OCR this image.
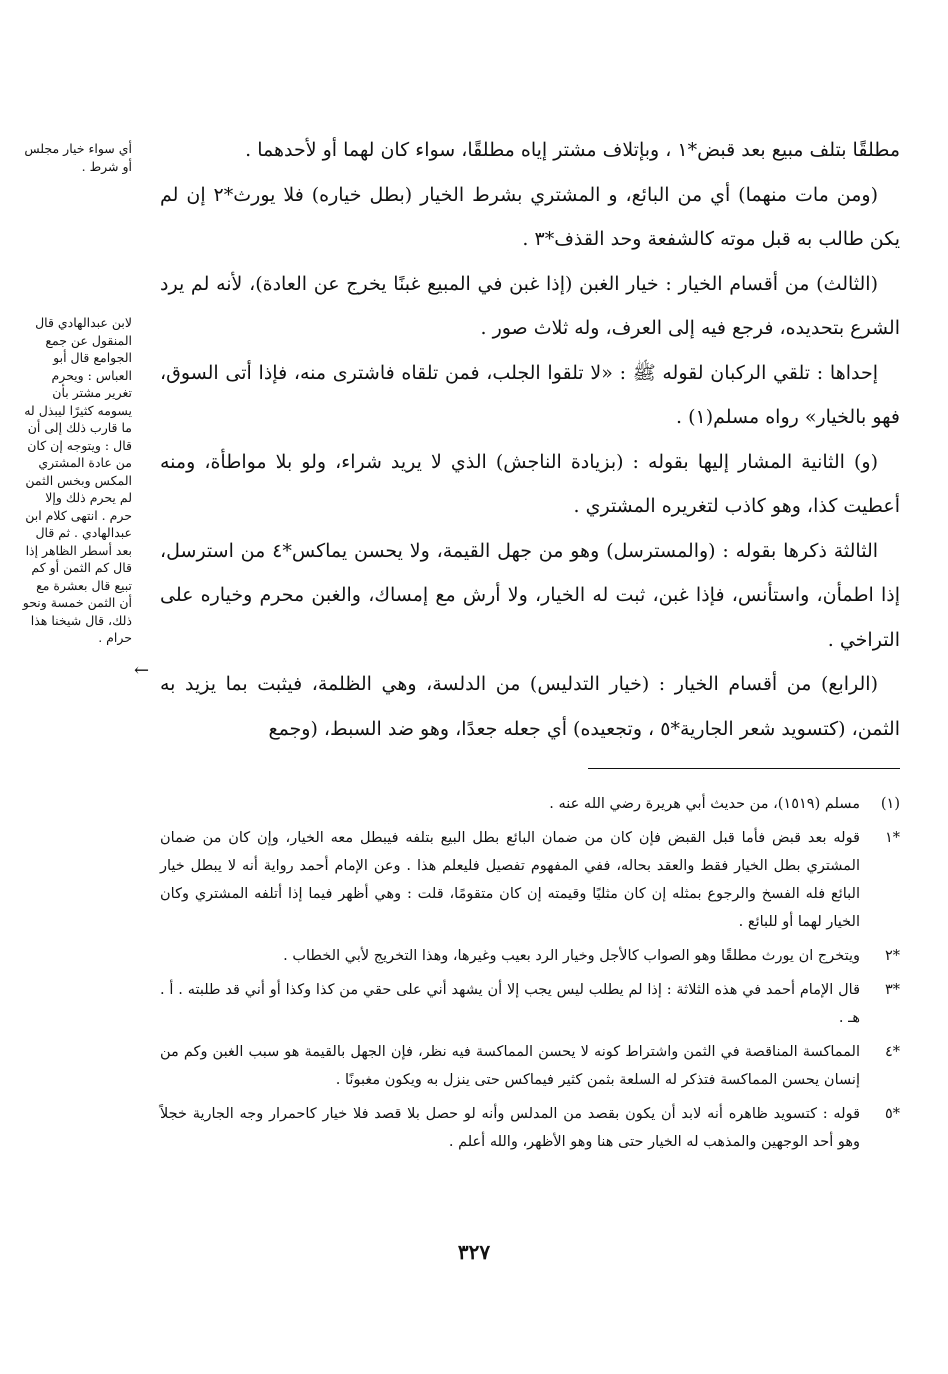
مطلقًا بتلف مبيع بعد قبض*١ ، وبإتلاف مشتر إياه مطلقًا، سواء كان لهما أو لأحدهما .

(ومن مات منهما) أي من البائع، و المشتري بشرط الخيار (بطل خياره) فلا يورث*٢ إن لم يكن طالب به قبل موته كالشفعة وحد القذف*٣ .

(الثالث) من أقسام الخيار : خيار الغبن (إذا غبن في المبيع غبنًا يخرج عن العادة)، لأنه لم يرد الشرع بتحديده، فرجع فيه إلى العرف، وله ثلاث صور .

إحداها : تلقي الركبان لقوله ﷺ : «لا تلقوا الجلب، فمن تلقاه فاشترى منه، فإذا أتى السوق، فهو بالخيار» رواه مسلم(١) .

(و) الثانية المشار إليها بقوله : (بزيادة الناجش) الذي لا يريد شراء، ولو بلا مواطأة، ومنه أعطيت كذا، وهو كاذب لتغريره المشتري .

الثالثة ذكرها بقوله : (والمسترسل) وهو من جهل القيمة، ولا يحسن يماكس*٤ من استرسل، إذا اطمأن، واستأنس، فإذا غبن، ثبت له الخيار، ولا أرش مع إمساك، والغبن محرم وخياره على التراخي .

(الرابع) من أقسام الخيار : (خيار التدليس) من الدلسة، وهي الظلمة، فيثبت بما يزيد به الثمن، (كتسويد شعر الجارية*٥ ، وتجعيده) أي جعله جعدًا، وهو ضد السبط، (وجمع

أي سواء خيار مجلس أو شرط .
لابن عبدالهادي قال المنقول عن جمع الجوامع قال أبو العباس : ويحرم تغرير مشتر بأن يسومه كثيرًا ليبذل له ما قارب ذلك إلى أن قال : ويتوجه إن كان من عادة المشتري المكس وبخس الثمن لم يحرم ذلك وإلا حرم . انتهى كلام ابن عبدالهادي . ثم قال بعد أسطر الظاهر إذا قال كم الثمن أو كم تبيع قال بعشرة مع أن الثمن خمسة ونحو ذلك، قال شيخنا هذا حرام .
←
(١)
مسلم (١٥١٩)، من حديث أبي هريرة رضي الله عنه .
*١
قوله بعد قبض فأما قبل القبض فإن كان من ضمان البائع بطل البيع بتلفه فيبطل معه الخيار، وإن كان من ضمان المشتري بطل الخيار فقط والعقد بحاله، ففي المفهوم تفصيل فليعلم هذا . وعن الإمام أحمد رواية أنه لا يبطل خيار البائع فله الفسخ والرجوع بمثله إن كان مثليًا وقيمته إن كان متقومًا، قلت : وهي أظهر فيما إذا أتلفه المشتري وكان الخيار لهما أو للبائع .
*٢
ويتخرج ان يورث مطلقًا وهو الصواب كالأجل وخيار الرد بعيب وغيرها، وهذا التخريج لأبي الخطاب .
*٣
قال الإمام أحمد في هذه الثلاثة : إذا لم يطلب ليس يجب إلا أن يشهد أني على حقي من كذا وكذا أو أني قد طلبته . أ . هـ .
*٤
المماكسة المناقصة في الثمن واشتراط كونه لا يحسن المماكسة فيه نظر، فإن الجهل بالقيمة هو سبب الغبن وكم من إنسان يحسن المماكسة فتذكر له السلعة بثمن كثير فيماكس حتى ينزل به ويكون مغبونًا .
*٥
قوله : كتسويد ظاهره أنه لابد أن يكون بقصد من المدلس وأنه لو حصل بلا قصد فلا خيار كاحمرار وجه الجارية خجلاً وهو أحد الوجهين والمذهب له الخيار حتى هنا وهو الأظهر، والله أعلم .
٣٢٧
